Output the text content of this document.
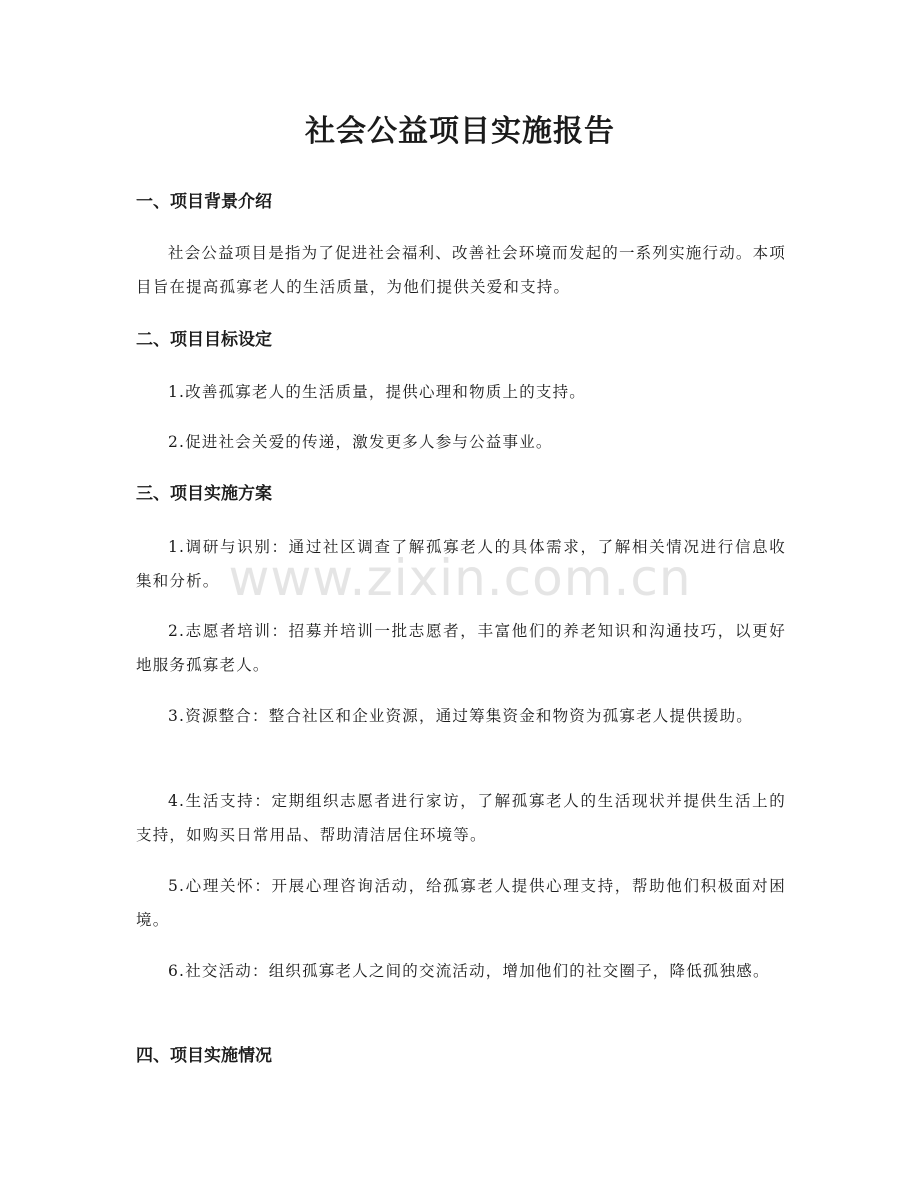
社会公益项目实施报告
一、项目背景介绍

社会公益项目是指为了促进社会福利、改善社会环境而发起的一系列实施行动。本项目旨在提高孤寡老人的生活质量，为他们提供关爱和支持。

二、项目目标设定

1.改善孤寡老人的生活质量，提供心理和物质上的支持。

2.促进社会关爱的传递，激发更多人参与公益事业。

三、项目实施方案

1.调研与识别：通过社区调查了解孤寡老人的具体需求，了解相关情况进行信息收集和分析。

2.志愿者培训：招募并培训一批志愿者，丰富他们的养老知识和沟通技巧，以更好地服务孤寡老人。

3.资源整合：整合社区和企业资源，通过筹集资金和物资为孤寡老人提供援助。

4.生活支持：定期组织志愿者进行家访，了解孤寡老人的生活现状并提供生活上的支持，如购买日常用品、帮助清洁居住环境等。

5.心理关怀：开展心理咨询活动，给孤寡老人提供心理支持，帮助他们积极面对困境。

6.社交活动：组织孤寡老人之间的交流活动，增加他们的社交圈子，降低孤独感。

四、项目实施情况
www.zixin.com.cn
